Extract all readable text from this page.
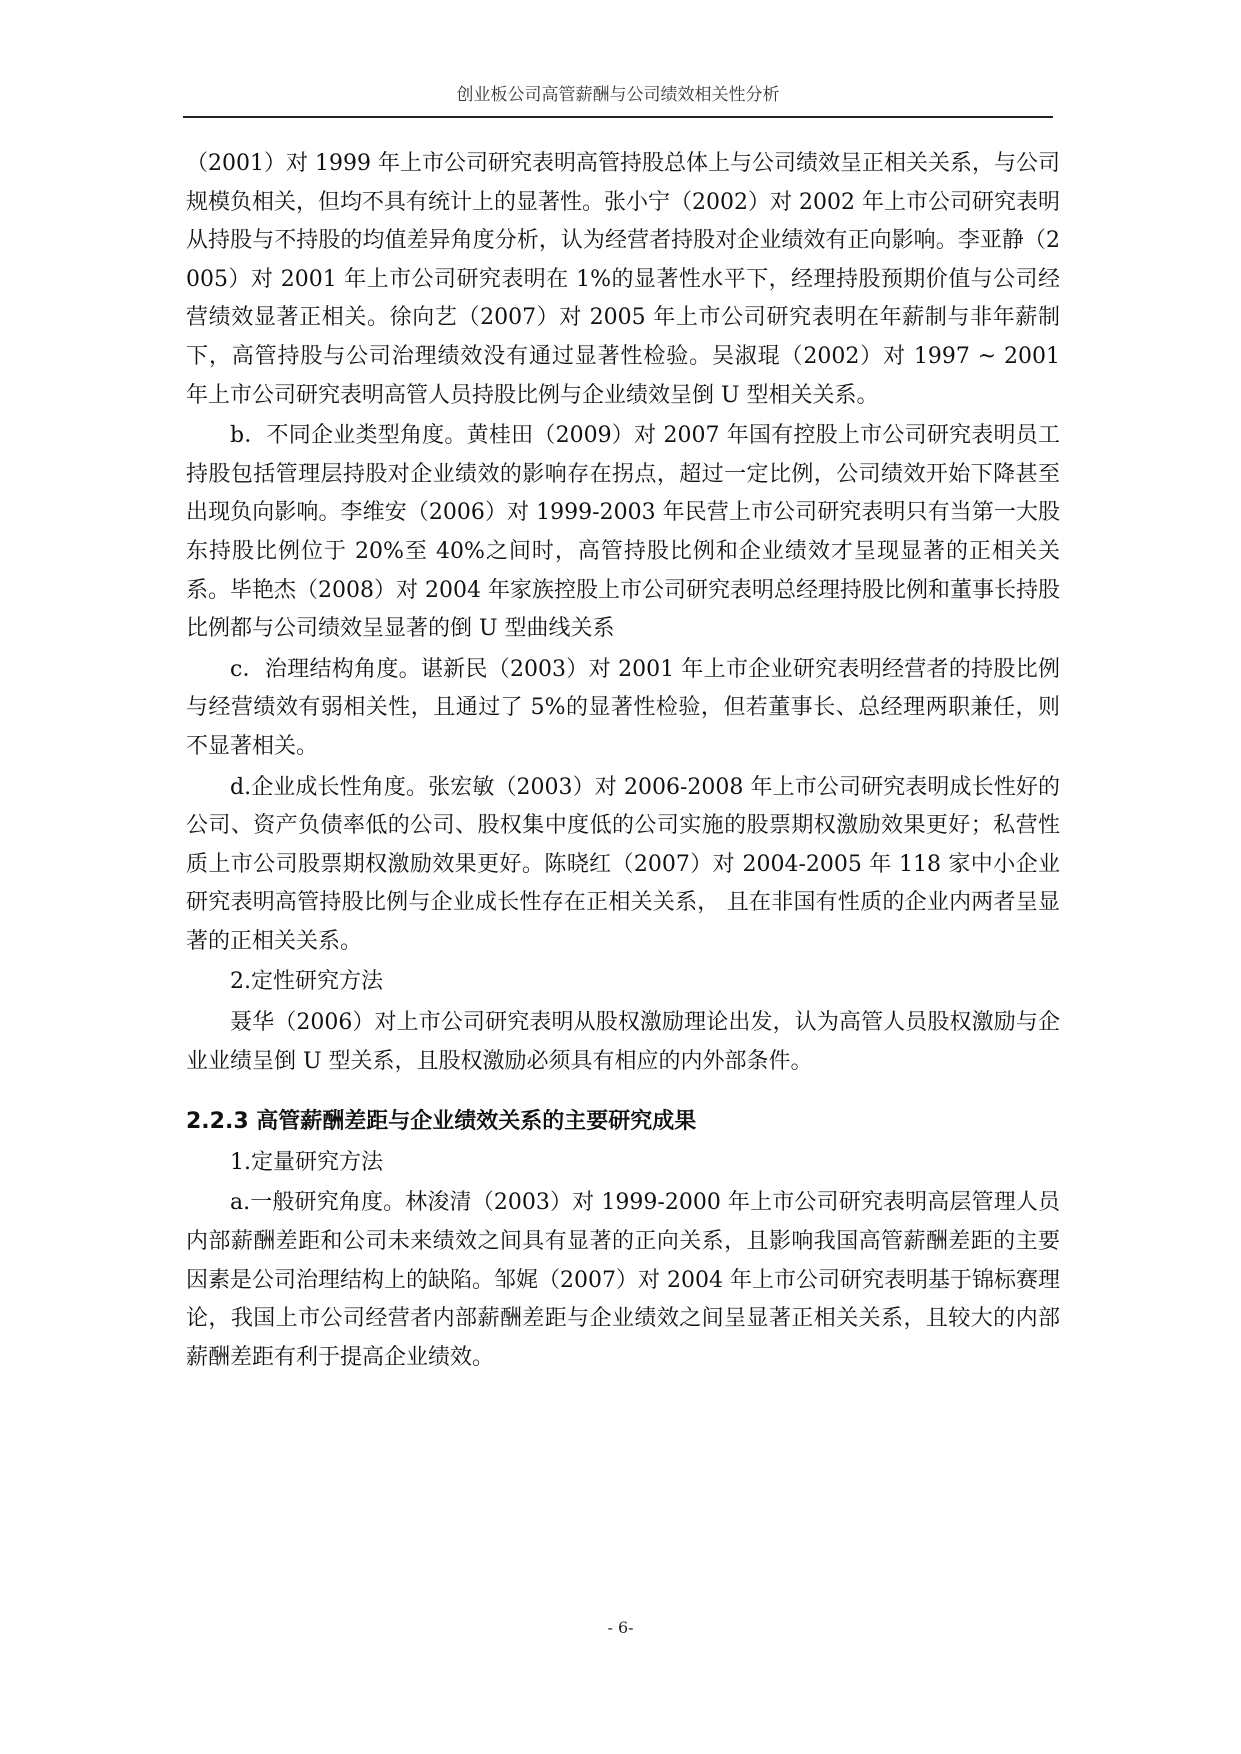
创业板公司高管薪酬与公司绩效相关性分析

（2001）对 1999 年上市公司研究表明高管持股总体上与公司绩效呈正相关关系，与公司规模负相关，但均不具有统计上的显著性。张小宁（2002）对 2002 年上市公司研究表明从持股与不持股的均值差异角度分析，认为经营者持股对企业绩效有正向影响。李亚静（2005）对 2001 年上市公司研究表明在 1%的显著性水平下，经理持股预期价值与公司经营绩效显著正相关。徐向艺（2007）对 2005 年上市公司研究表明在年薪制与非年薪制下，高管持股与公司治理绩效没有通过显著性检验。吴淑琨（2002）对 1997 ~ 2001 年上市公司研究表明高管人员持股比例与企业绩效呈倒 U 型相关关系。

b．不同企业类型角度。黄桂田（2009）对 2007 年国有控股上市公司研究表明员工持股包括管理层持股对企业绩效的影响存在拐点，超过一定比例，公司绩效开始下降甚至出现负向影响。李维安（2006）对 1999-2003 年民营上市公司研究表明只有当第一大股东持股比例位于 20%至 40%之间时，高管持股比例和企业绩效才呈现显著的正相关关系。毕艳杰（2008）对 2004 年家族控股上市公司研究表明总经理持股比例和董事长持股比例都与公司绩效呈显著的倒 U 型曲线关系

c．治理结构角度。谌新民（2003）对 2001 年上市企业研究表明经营者的持股比例与经营绩效有弱相关性，且通过了 5%的显著性检验，但若董事长、总经理两职兼任，则不显著相关。

d.企业成长性角度。张宏敏（2003）对 2006-2008 年上市公司研究表明成长性好的公司、资产负债率低的公司、股权集中度低的公司实施的股票期权激励效果更好；私营性质上市公司股票期权激励效果更好。陈晓红（2007）对 2004-2005 年 118 家中小企业研究表明高管持股比例与企业成长性存在正相关关系， 且在非国有性质的企业内两者呈显著的正相关关系。

2.定性研究方法

聂华（2006）对上市公司研究表明从股权激励理论出发，认为高管人员股权激励与企业业绩呈倒 U 型关系，且股权激励必须具有相应的内外部条件。

2.2.3 高管薪酬差距与企业绩效关系的主要研究成果

1.定量研究方法

a.一般研究角度。林浚清（2003）对 1999-2000 年上市公司研究表明高层管理人员内部薪酬差距和公司未来绩效之间具有显著的正向关系，且影响我国高管薪酬差距的主要因素是公司治理结构上的缺陷。邹娓（2007）对 2004 年上市公司研究表明基于锦标赛理论，我国上市公司经营者内部薪酬差距与企业绩效之间呈显著正相关关系，且较大的内部薪酬差距有利于提高企业绩效。

- 6-
